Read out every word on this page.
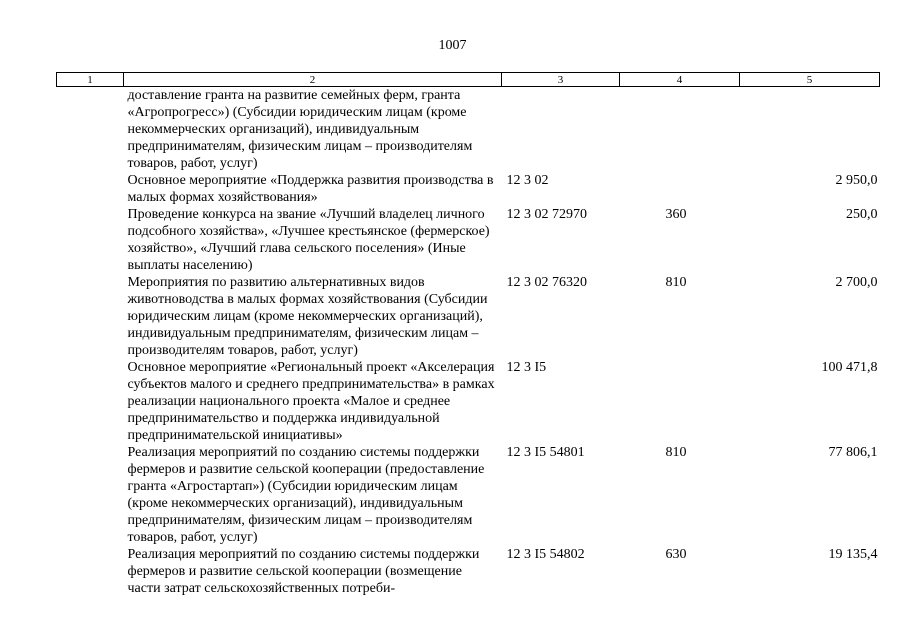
1007
1	2	3	4	5
	доставление гранта на развитие семейных ферм, гранта «Агропрогресс») (Субсидии юридическим лицам (кроме некоммерческих организаций), индивидуальным предпринимателям, физическим лицам – производителям товаров, работ, услуг)			
	Основное мероприятие «Поддержка развития производства в малых формах хозяйствования»	12 3 02		2 950,0
	Проведение конкурса на звание «Лучший владелец личного подсобного хозяйства», «Лучшее крестьянское (фермерское) хозяйство», «Лучший глава сельского поселения» (Иные выплаты населению)	12 3 02 72970	360	250,0
	Мероприятия по развитию альтернативных видов животноводства в малых формах хозяйствования (Субсидии юридическим лицам (кроме некоммерческих организаций), индивидуальным предпринимателям, физическим лицам – производителям товаров, работ, услуг)	12 3 02 76320	810	2 700,0
	Основное мероприятие «Региональный проект «Акселерация субъектов малого и среднего предпринимательства» в рамках реализации национального проекта «Малое и среднее предпринимательство и поддержка индивидуальной предпринимательской инициативы»	12 3 I5		100 471,8
	Реализация мероприятий по созданию системы поддержки фермеров и развитие сельской кооперации (предоставление гранта «Агростартап») (Субсидии юридическим лицам (кроме некоммерческих организаций), индивидуальным предпринимателям, физическим лицам – производителям товаров, работ, услуг)	12 3 I5 54801	810	77 806,1
	Реализация мероприятий по созданию системы поддержки фермеров и развитие сельской кооперации (возмещение части затрат сельскохозяйственных потреби-	12 3 I5 54802	630	19 135,4
